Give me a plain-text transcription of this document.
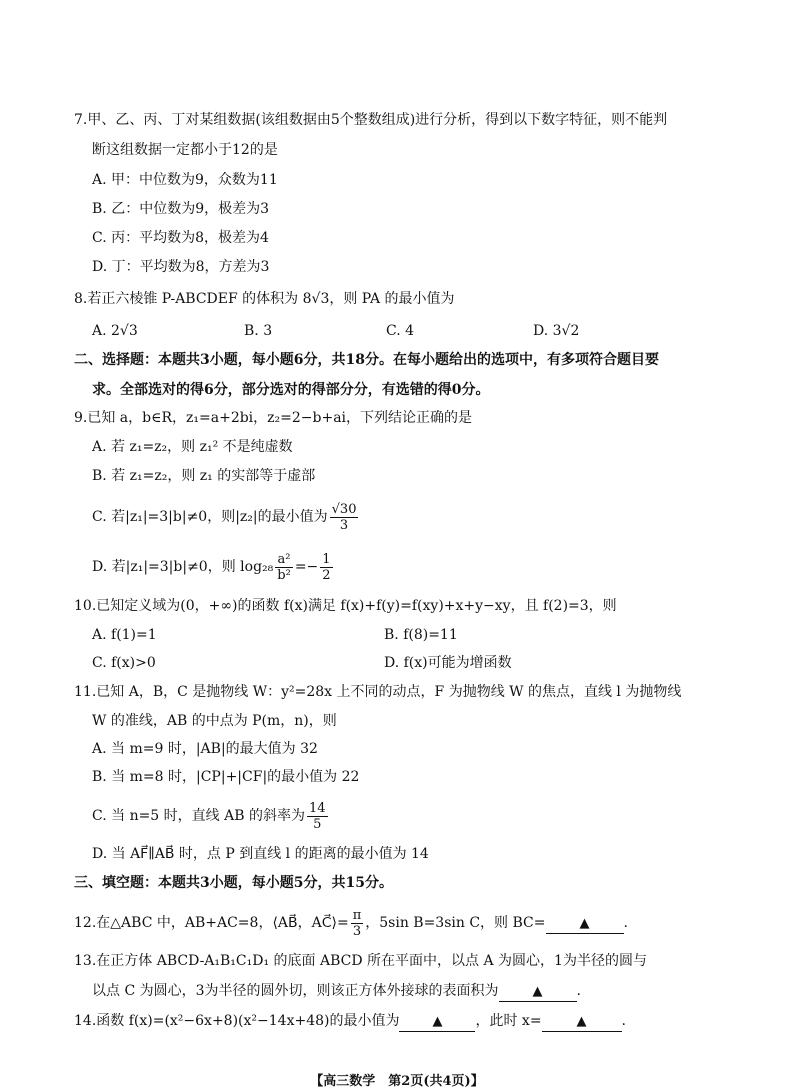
7.甲、乙、丙、丁对某组数据(该组数据由5个整数组成)进行分析，得到以下数字特征，则不能判
断这组数据一定都小于12的是
A. 甲：中位数为9，众数为11
B. 乙：中位数为9，极差为3
C. 丙：平均数为8，极差为4
D. 丁：平均数为8，方差为3
8.若正六棱锥 P-ABCDEF 的体积为 8√3，则 PA 的最小值为
A. 2√3	B. 3	C. 4	D. 3√2
二、选择题：本题共3小题，每小题6分，共18分。在每小题给出的选项中，有多项符合题目要
求。全部选对的得6分，部分选对的得部分分，有选错的得0分。
9.已知 a，b∈R，z₁=a+2bi，z₂=2−b+ai，下列结论正确的是
A. 若 z₁=z₂，则 z₁² 不是纯虚数
B. 若 z₁=z₂，则 z₁ 的实部等于虚部
C. 若|z₁|=3|b|≠0，则|z₂|的最小值为 $\frac{√30}{3}$
D. 若|z₁|=3|b|≠0，则 $\log_{28} \frac{\text{a²}}{\text{b²}} =- \frac{1}{2}$
10.已知定义域为(0，+∞)的函数 f(x)满足 f(x)+f(y)=f(xy)+x+y−xy，且 f(2)=3，则
A. f(1)=1	B. f(8)=11
C. f(x)>0	D. f(x)可能为增函数
11.已知 A，B，C 是抛物线 W：y²=28x 上不同的动点，F 为抛物线 W 的焦点，直线 l 为抛物线
W 的准线，AB 的中点为 P(m，n)，则
A. 当 m=9 时，|AB|的最大值为 32
B. 当 m=8 时，|CP|+|CF|的最小值为 22
C. 当 n=5 时，直线 AB 的斜率为 $\frac{14}{5}$
D. 当 AF⃗∥AB⃗ 时，点 P 到直线 l 的距离的最小值为 14
三、填空题：本题共3小题，每小题5分，共15分。
12.在△ABC 中，AB+AC=8，⟨AB⃗，AC⃗⟩= $\frac{\pi}{3}$ ，5sin B=3sin C，则 BC=	▲ .
13.在正方体 ABCD-A₁B₁C₁D₁ 的底面 ABCD 所在平面中，以点 A 为圆心，1为半径的圆与
以点 C 为圆心，3为半径的圆外切，则该正方体外接球的表面积为	▲ .
14.函数 f(x)=(x²−6x+8)(x²−14x+48)的最小值为	▲ ，此时 x=	▲	.
【高三数学　第2页(共4页)】
